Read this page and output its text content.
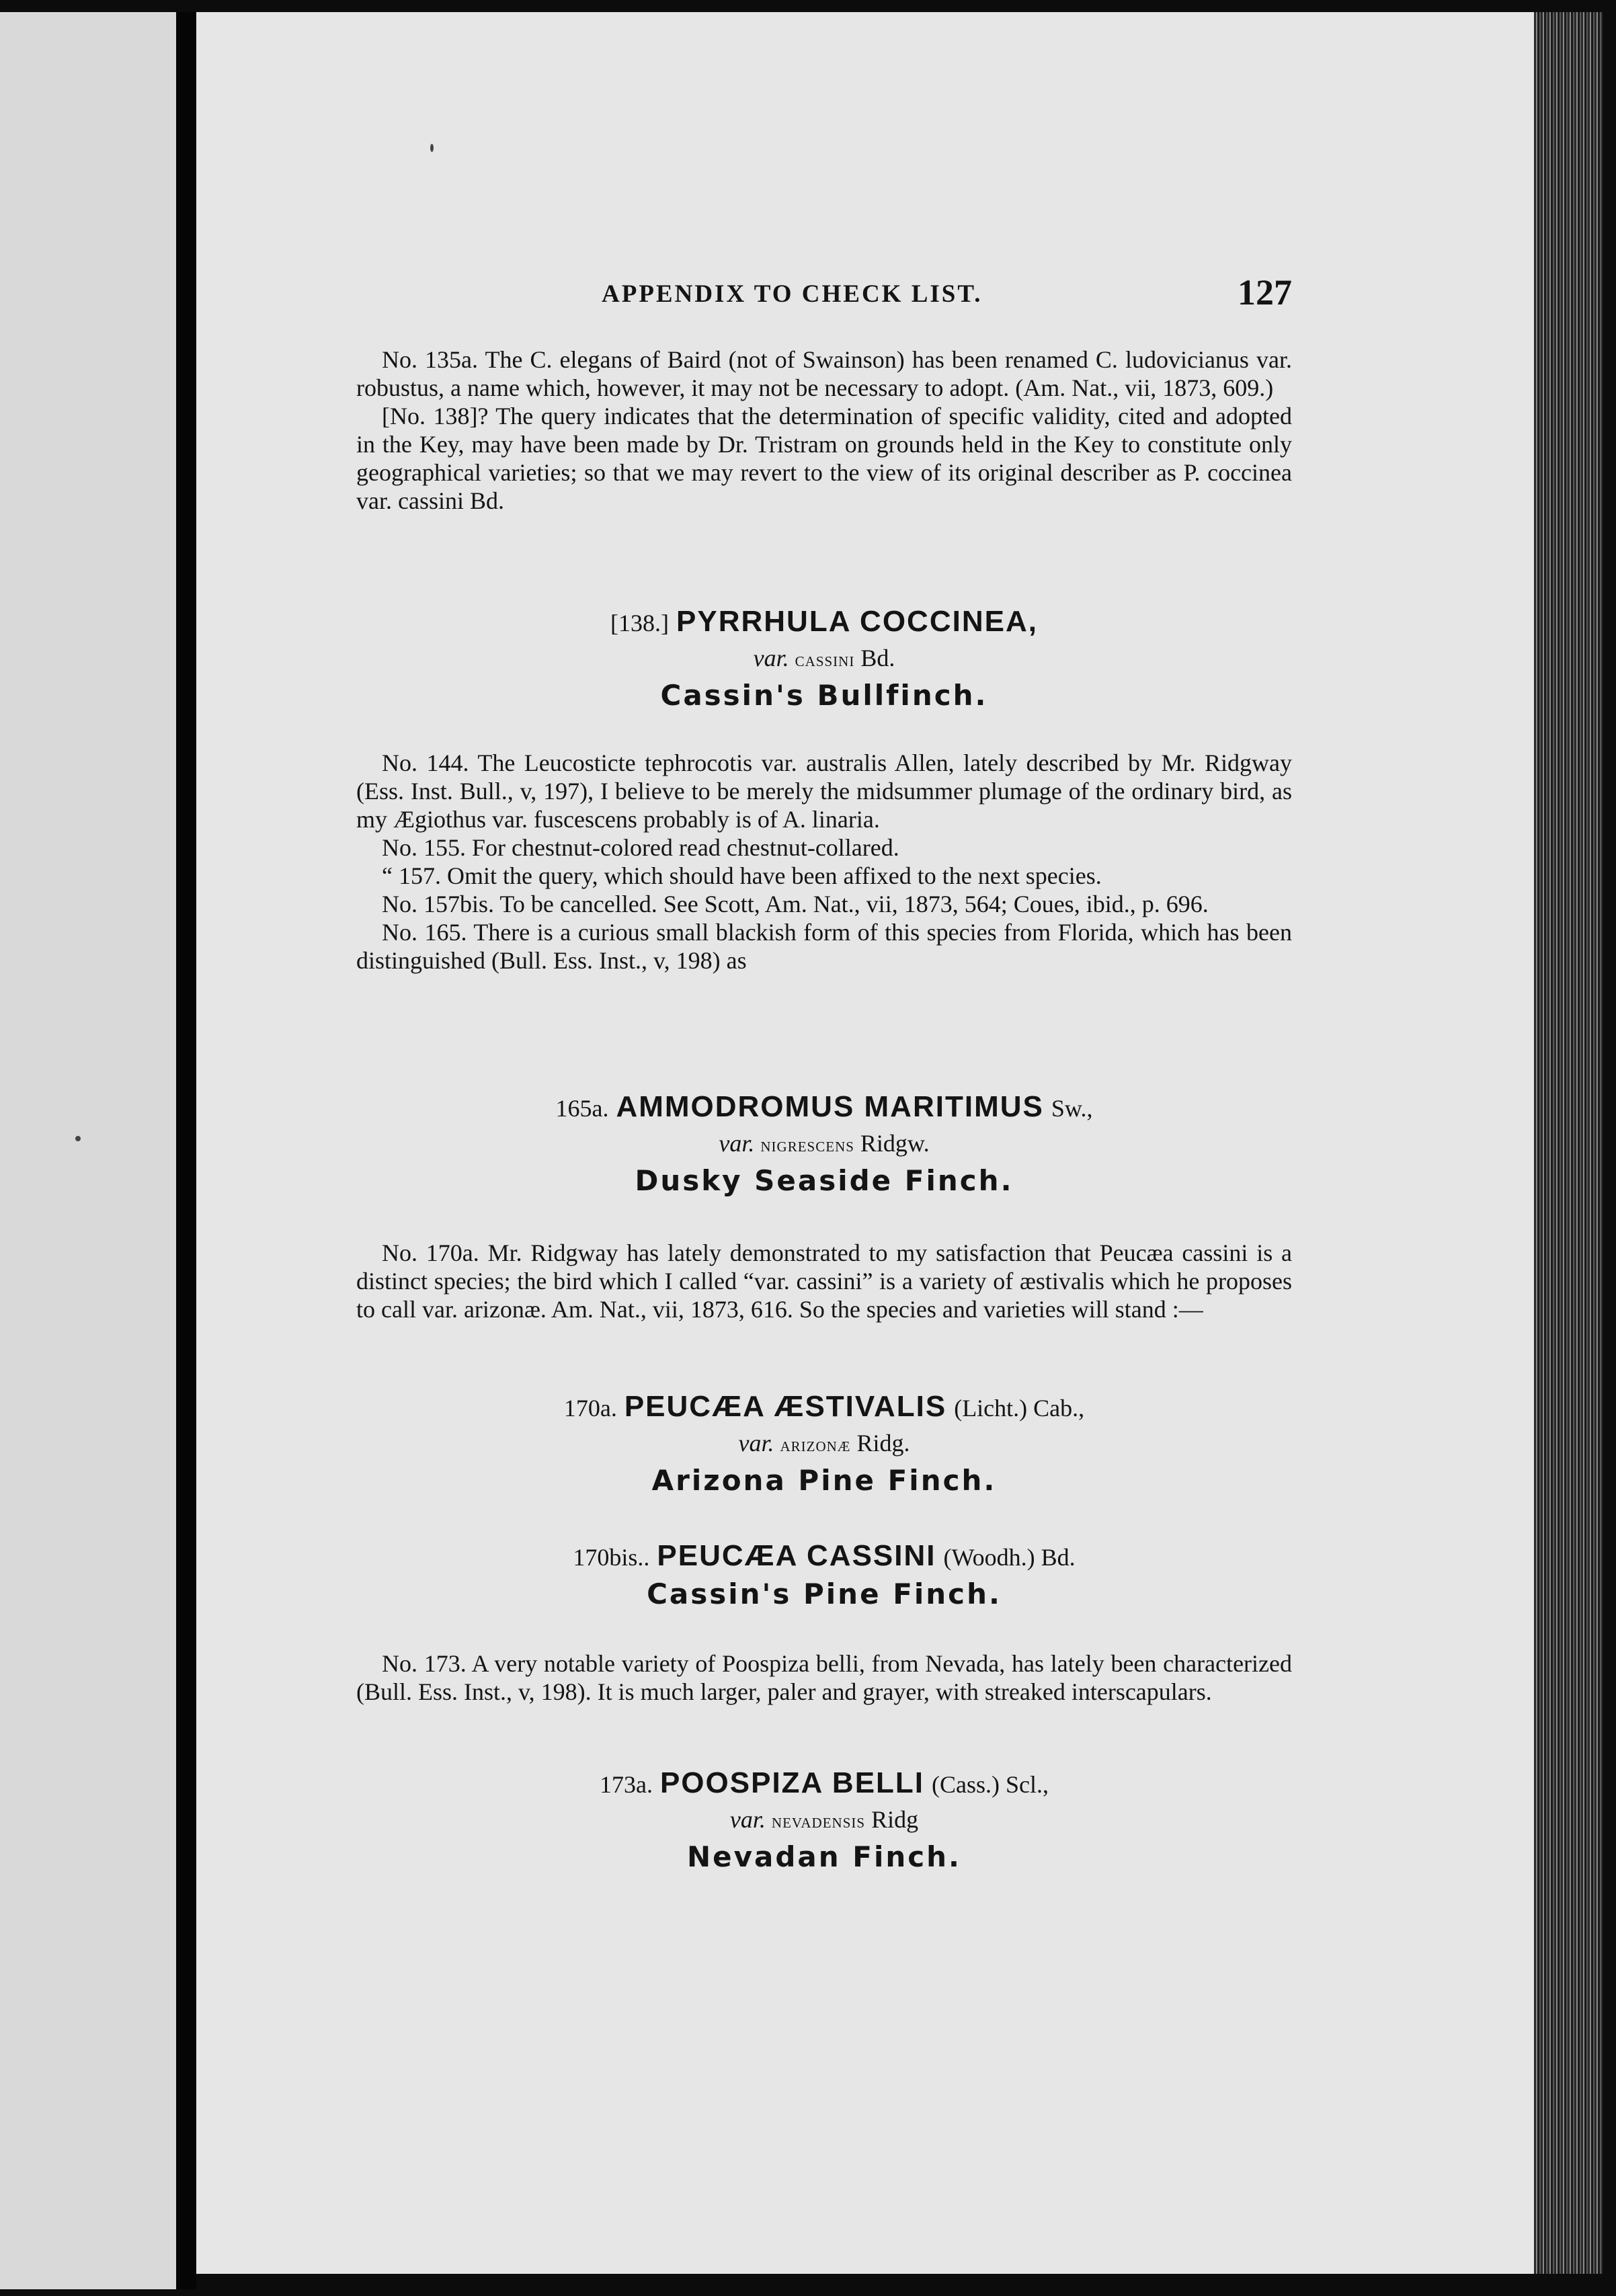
APPENDIX TO CHECK LIST.	127

No. 135a. The C. elegans of Baird (not of Swainson) has been renamed C. ludovicianus var. robustus, a name which, however, it may not be necessary to adopt. (Am. Nat., vii, 1873, 609.)

[No. 138]? The query indicates that the determination of specific validity, cited and adopted in the Key, may have been made by Dr. Tristram on grounds held in the Key to constitute only geographical varieties; so that we may revert to the view of its original describer as P. coccinea var. cassini Bd.

[138.] PYRRHULA COCCINEA,
var. cassini Bd.
Cassin's Bullfinch.

No. 144. The Leucosticte tephrocotis var. australis Allen, lately described by Mr. Ridgway (Ess. Inst. Bull., v, 197), I believe to be merely the midsummer plumage of the ordinary bird, as my Ægiothus var. fuscescens probably is of A. linaria.

No. 155. For chestnut-colored read chestnut-collared.

“ 157. Omit the query, which should have been affixed to the next species.

No. 157bis. To be cancelled. See Scott, Am. Nat., vii, 1873, 564; Coues, ibid., p. 696.

No. 165. There is a curious small blackish form of this species from Florida, which has been distinguished (Bull. Ess. Inst., v, 198) as

165a. AMMODROMUS MARITIMUS Sw.,
var. nigrescens Ridgw.
Dusky Seaside Finch.

No. 170a. Mr. Ridgway has lately demonstrated to my satisfaction that Peucæa cassini is a distinct species; the bird which I called “var. cassini” is a variety of æstivalis which he proposes to call var. arizonæ. Am. Nat., vii, 1873, 616. So the species and varieties will stand :—

170a. PEUCÆA ÆSTIVALIS (Licht.) Cab.,
var. arizonæ Ridg.
Arizona Pine Finch.
170bis.. PEUCÆA CASSINI (Woodh.) Bd.
Cassin's Pine Finch.

No. 173. A very notable variety of Poospiza belli, from Nevada, has lately been characterized (Bull. Ess. Inst., v, 198). It is much larger, paler and grayer, with streaked interscapulars.

173a. POOSPIZA BELLI (Cass.) Scl.,
var. nevadensis Ridg
Nevadan Finch.
